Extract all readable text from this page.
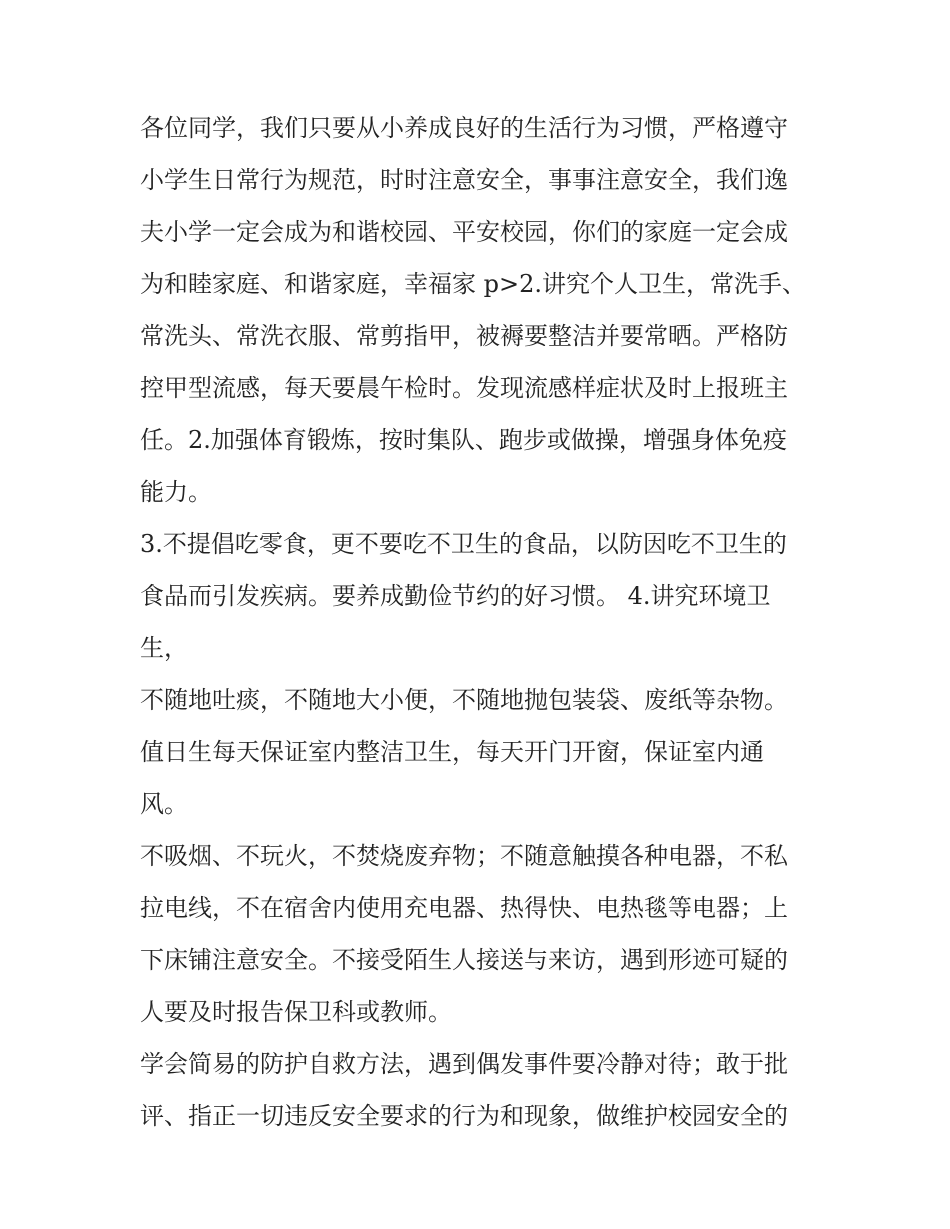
各位同学，我们只要从小养成良好的生活行为习惯，严格遵守
小学生日常行为规范，时时注意安全，事事注意安全，我们逸
夫小学一定会成为和谐校园、平安校园，你们的家庭一定会成
为和睦家庭、和谐家庭，幸福家 p>2.讲究个人卫生，常洗手、
常洗头、常洗衣服、常剪指甲，被褥要整洁并要常晒。严格防
控甲型流感，每天要晨午检时。发现流感样症状及时上报班主
任。2.加强体育锻炼，按时集队、跑步或做操，增强身体免疫
能力。
3.不提倡吃零食，更不要吃不卫生的食品，以防因吃不卫生的
食品而引发疾病。要养成勤俭节约的好习惯。 4.讲究环境卫
生，
不随地吐痰，不随地大小便，不随地抛包装袋、废纸等杂物。
值日生每天保证室内整洁卫生，每天开门开窗，保证室内通
风。
不吸烟、不玩火，不焚烧废弃物；不随意触摸各种电器，不私
拉电线，不在宿舍内使用充电器、热得快、电热毯等电器；上
下床铺注意安全。不接受陌生人接送与来访，遇到形迹可疑的
人要及时报告保卫科或教师。
学会简易的防护自救方法，遇到偶发事件要冷静对待；敢于批
评、指正一切违反安全要求的行为和现象，做维护校园安全的
